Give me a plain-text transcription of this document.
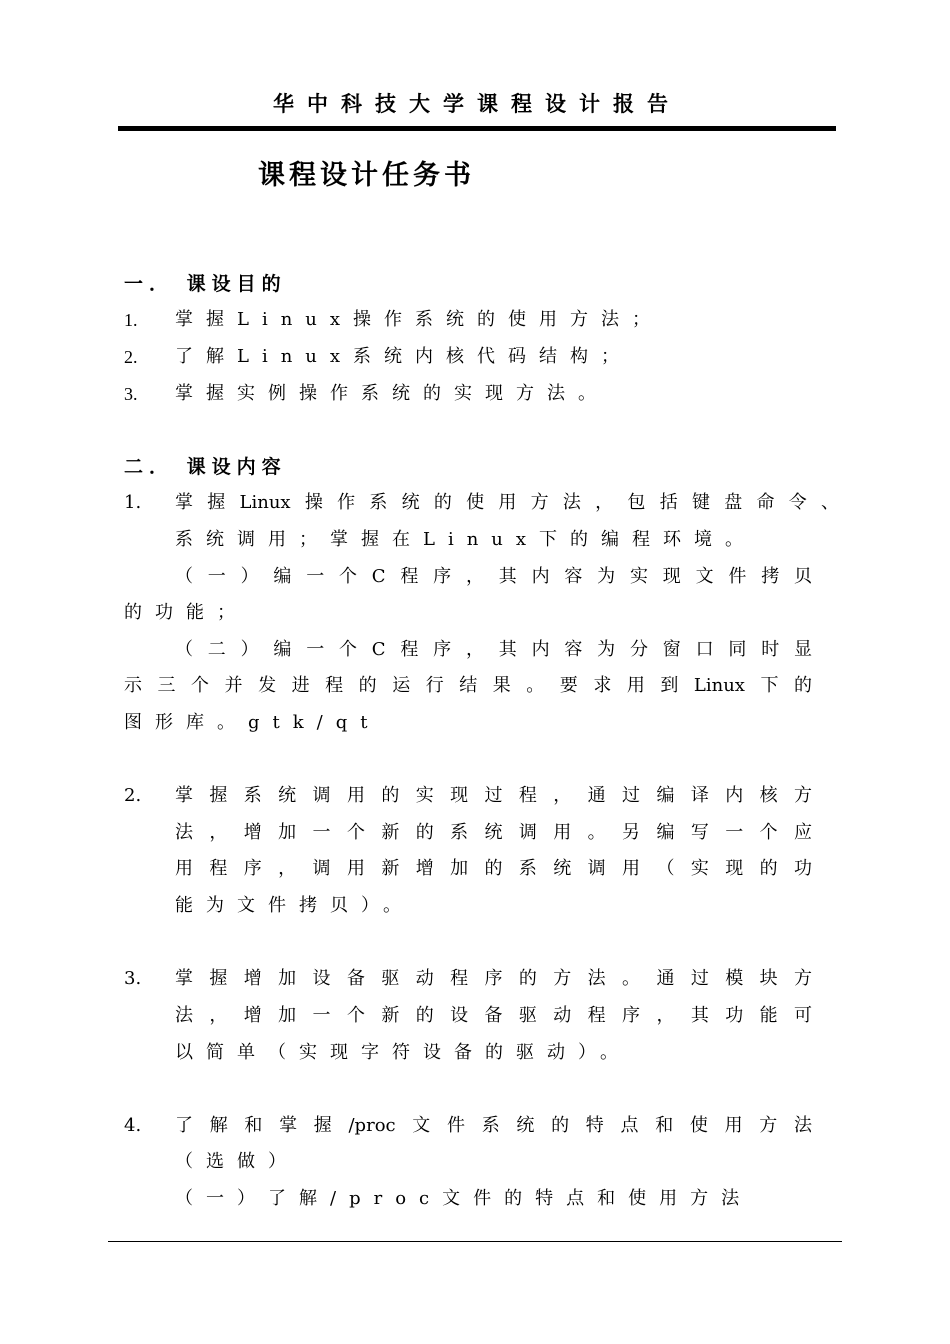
华中科技大学课程设计报告
课程设计任务书
一． 课设目的
1. 掌握Linux操作系统的使用方法；
2. 了解Linux系统内核代码结构；
3. 掌握实例操作系统的实现方法。
二． 课设内容
1. 掌握Linux操作系统的使用方法，包括键盘命令、
系统调用；掌握在Linux下的编程环境。
（一）编一个C程序，其内容为实现文件拷贝
的功能；
（二）编一个C程序，其内容为分窗口同时显
示三个并发进程的运行结果。要求用到Linux下的
图形库。gtk/qt
2. 掌握系统调用的实现过程，通过编译内核方
法，增加一个新的系统调用。另编写一个应
用程序，调用新增加的系统调用（实现的功
能为文件拷贝）。
3. 掌握增加设备驱动程序的方法。通过模块方
法，增加一个新的设备驱动程序，其功能可
以简单（实现字符设备的驱动）。
4. 了解和掌握/proc文件系统的特点和使用方法
（选做）
（一）了解/proc文件的特点和使用方法
